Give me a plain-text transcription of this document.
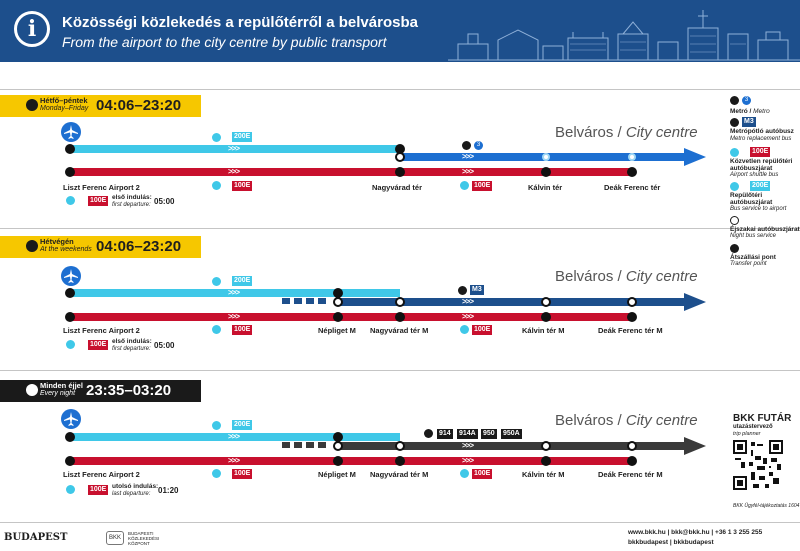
i	Közösségi közlekedés a repülőtérről a belvárosba
From the airport to the city centre by public transport
Hétfő–péntek
Monday–Friday 04:06–23:20
Belváros / City centre
>>>
>>>
>>>	>>>
200E
100E	100E
3
Liszt Ferenc Airport 2	Nagyvárad tér	Kálvin tér	Deák Ferenc tér
100E első indulás:
first departure: 05:00
Hétvégén
At the weekends 04:06–23:20
Belváros / City centre
>>>
>>>
>>>	>>>
200E
100E	100E
M3
Liszt Ferenc Airport 2	Népliget M Nagyvárad tér M	Kálvin tér M	Deák Ferenc tér M
100E első indulás:
first departure: 05:00
Minden éjjel
Every night 23:35–03:20
Belváros / City centre
>>>
>>>
>>>	>>>
200E
100E	100E
914	914A	950	950A
Liszt Ferenc Airport 2	Népliget M Nagyvárad tér M	Kálvin tér M	Deák Ferenc tér M
100E utolsó indulás:
last departure: 01:20
3
Metró / Metro
M3
Metrópótló autóbusz
Metro replacement bus
100E
Közvetlen repülőtéri
autóbuszjárat
Airport shuttle bus
200E
Repülőtéri
autóbuszjárat
Bus service to airport
Éjszakai autóbuszjárat
Night bus service
Átszállási pont
Transfer point
BKK FUTÁR
utazástervező
trip planner
BKK Ügyfél-tájékoztatás 1604
BUDAPEST	BKK
BUDAPESTI
KÖZLEKEDÉSI
KÖZPONT
www.bkk.hu | bkk@bkk.hu | +36 1 3 255 255
bkkbudapest | bkkbudapest
